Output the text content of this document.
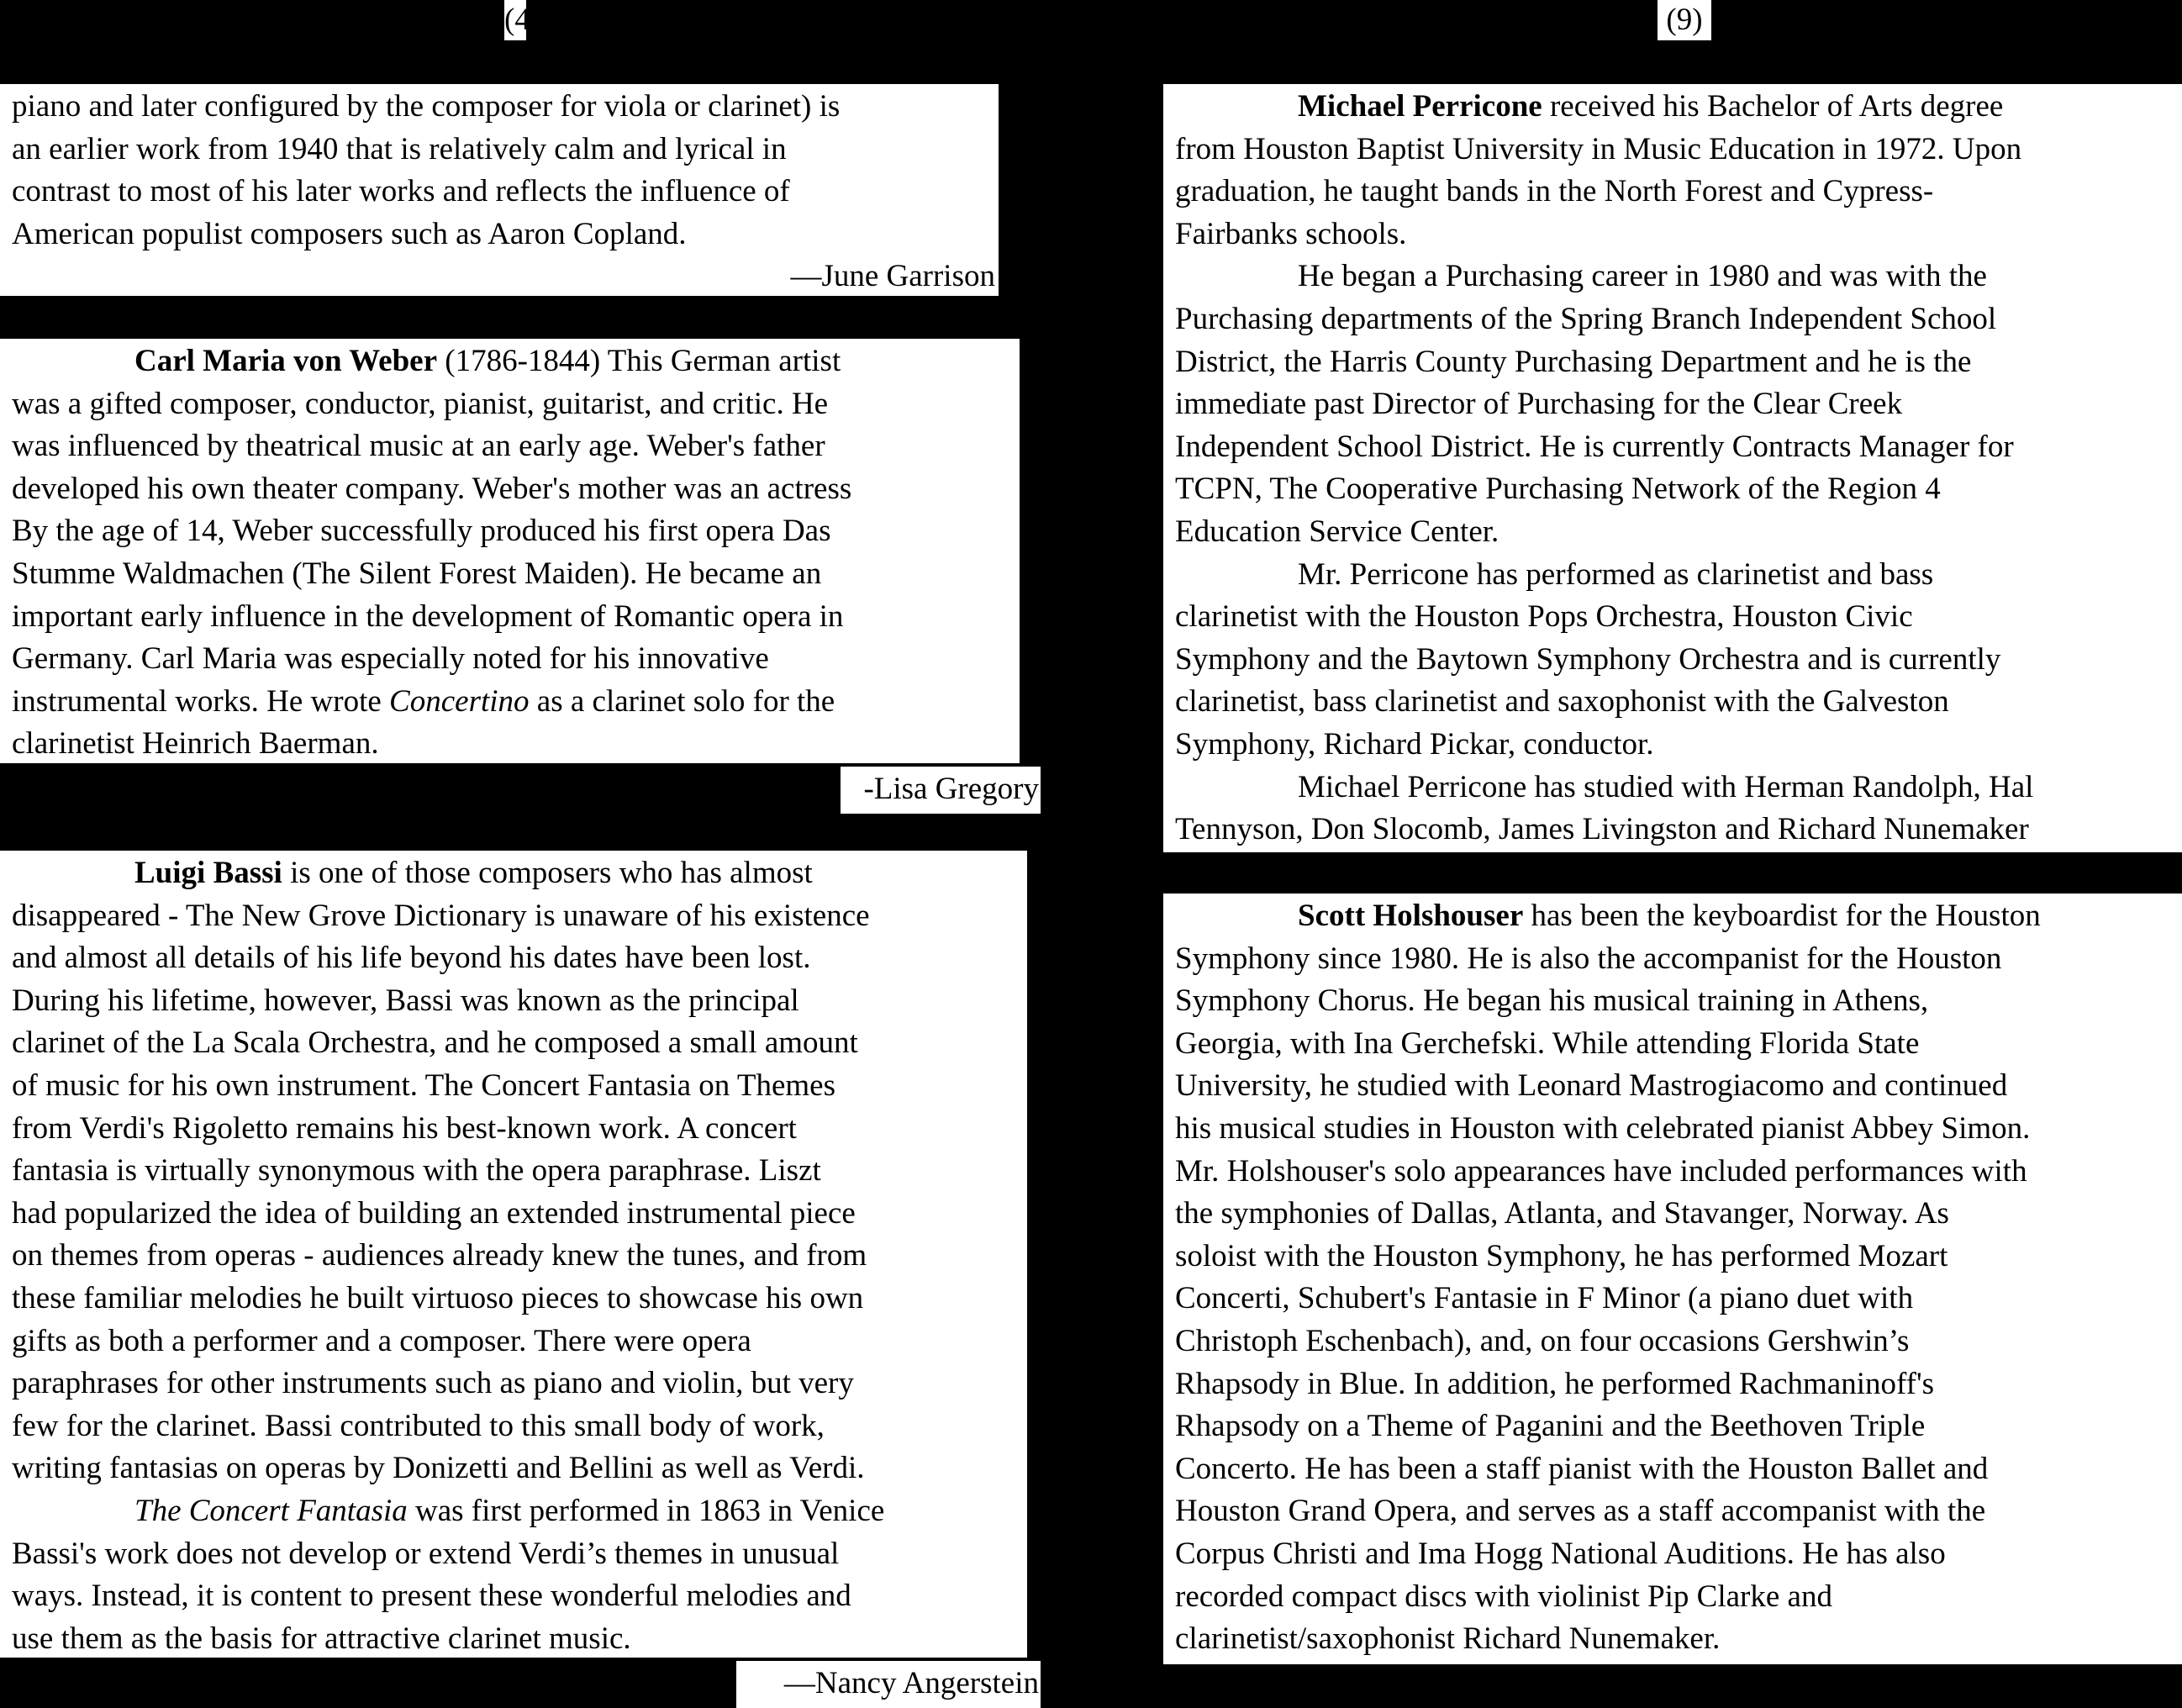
(4	(9)
piano and later configured by the composer for viola or clarinet) is
an earlier work from 1940 that is relatively calm and lyrical in
contrast to most of his later works and reflects the influence of
American populist composers such as Aaron Copland.
—June Garrison
Carl Maria von Weber (1786-1844) This German artist
was a gifted composer, conductor, pianist, guitarist, and critic. He
was influenced by theatrical music at an early age. Weber's father
developed his own theater company. Weber's mother was an actress
By the age of 14, Weber successfully produced his first opera Das
Stumme Waldmachen (The Silent Forest Maiden). He became an
important early influence in the development of Romantic opera in
Germany. Carl Maria was especially noted for his innovative
instrumental works. He wrote Concertino as a clarinet solo for the
clarinetist Heinrich Baerman.
-Lisa Gregory
Luigi Bassi is one of those composers who has almost
disappeared - The New Grove Dictionary is unaware of his existence
and almost all details of his life beyond his dates have been lost.
During his lifetime, however, Bassi was known as the principal
clarinet of the La Scala Orchestra, and he composed a small amount
of music for his own instrument. The Concert Fantasia on Themes
from Verdi's Rigoletto remains his best-known work. A concert
fantasia is virtually synonymous with the opera paraphrase. Liszt
had popularized the idea of building an extended instrumental piece
on themes from operas - audiences already knew the tunes, and from
these familiar melodies he built virtuoso pieces to showcase his own
gifts as both a performer and a composer. There were opera
paraphrases for other instruments such as piano and violin, but very
few for the clarinet. Bassi contributed to this small body of work,
writing fantasias on operas by Donizetti and Bellini as well as Verdi.
The Concert Fantasia was first performed in 1863 in Venice
Bassi's work does not develop or extend Verdi’s themes in unusual
ways. Instead, it is content to present these wonderful melodies and
use them as the basis for attractive clarinet music.
—Nancy Angerstein
Michael Perricone received his Bachelor of Arts degree
from Houston Baptist University in Music Education in 1972. Upon
graduation, he taught bands in the North Forest and Cypress-
Fairbanks schools.
He began a Purchasing career in 1980 and was with the
Purchasing departments of the Spring Branch Independent School
District, the Harris County Purchasing Department and he is the
immediate past Director of Purchasing for the Clear Creek
Independent School District. He is currently Contracts Manager for
TCPN, The Cooperative Purchasing Network of the Region 4
Education Service Center.
Mr. Perricone has performed as clarinetist and bass
clarinetist with the Houston Pops Orchestra, Houston Civic
Symphony and the Baytown Symphony Orchestra and is currently
clarinetist, bass clarinetist and saxophonist with the Galveston
Symphony, Richard Pickar, conductor.
Michael Perricone has studied with Herman Randolph, Hal
Tennyson, Don Slocomb, James Livingston and Richard Nunemaker
Scott Holshouser has been the keyboardist for the Houston
Symphony since 1980. He is also the accompanist for the Houston
Symphony Chorus. He began his musical training in Athens,
Georgia, with Ina Gerchefski. While attending Florida State
University, he studied with Leonard Mastrogiacomo and continued
his musical studies in Houston with celebrated pianist Abbey Simon.
Mr. Holshouser's solo appearances have included performances with
the symphonies of Dallas, Atlanta, and Stavanger, Norway. As
soloist with the Houston Symphony, he has performed Mozart
Concerti, Schubert's Fantasie in F Minor (a piano duet with
Christoph Eschenbach), and, on four occasions Gershwin’s
Rhapsody in Blue. In addition, he performed Rachmaninoff's
Rhapsody on a Theme of Paganini and the Beethoven Triple
Concerto. He has been a staff pianist with the Houston Ballet and
Houston Grand Opera, and serves as a staff accompanist with the
Corpus Christi and Ima Hogg National Auditions. He has also
recorded compact discs with violinist Pip Clarke and
clarinetist/saxophonist Richard Nunemaker.
